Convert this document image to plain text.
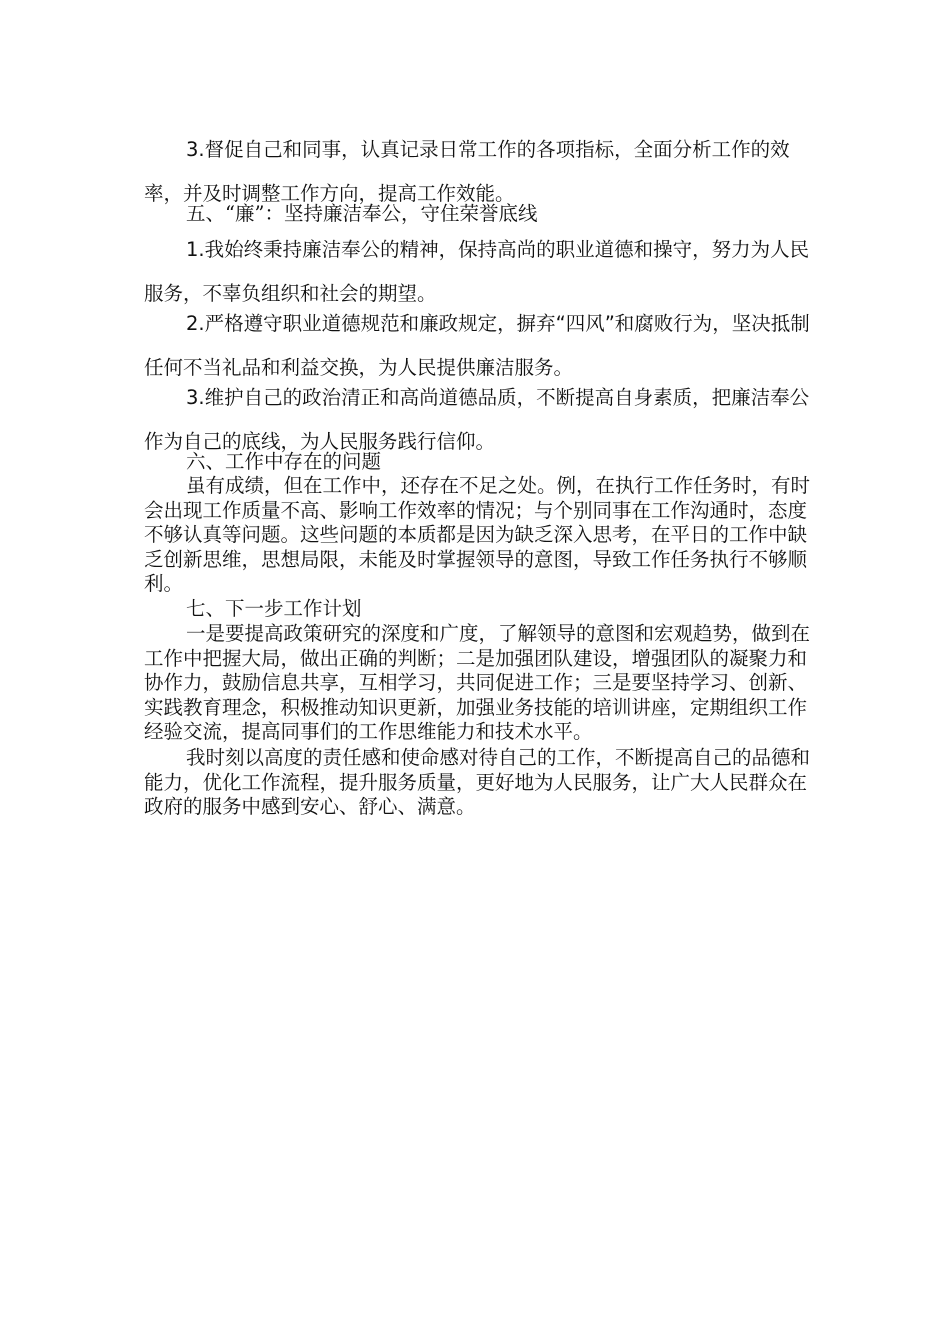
3.督促自己和同事，认真记录日常工作的各项指标，全面分析工作的效率，并及时调整工作方向，提高工作效能。

五、“廉”：坚持廉洁奉公，守住荣誉底线

1.我始终秉持廉洁奉公的精神，保持高尚的职业道德和操守，努力为人民服务，不辜负组织和社会的期望。

2.严格遵守职业道德规范和廉政规定，摒弃“四风”和腐败行为，坚决抵制任何不当礼品和利益交换，为人民提供廉洁服务。

3.维护自己的政治清正和高尚道德品质，不断提高自身素质，把廉洁奉公作为自己的底线，为人民服务践行信仰。

六、工作中存在的问题

虽有成绩，但在工作中，还存在不足之处。例，在执行工作任务时，有时会出现工作质量不高、影响工作效率的情况；与个别同事在工作沟通时，态度不够认真等问题。这些问题的本质都是因为缺乏深入思考，在平日的工作中缺乏创新思维，思想局限，未能及时掌握领导的意图，导致工作任务执行不够顺利。

七、下一步工作计划

一是要提高政策研究的深度和广度，了解领导的意图和宏观趋势，做到在工作中把握大局，做出正确的判断；二是加强团队建设，增强团队的凝聚力和协作力，鼓励信息共享，互相学习，共同促进工作；三是要坚持学习、创新、实践教育理念，积极推动知识更新，加强业务技能的培训讲座，定期组织工作经验交流，提高同事们的工作思维能力和技术水平。

我时刻以高度的责任感和使命感对待自己的工作，不断提高自己的品德和能力，优化工作流程，提升服务质量，更好地为人民服务，让广大人民群众在政府的服务中感到安心、舒心、满意。
